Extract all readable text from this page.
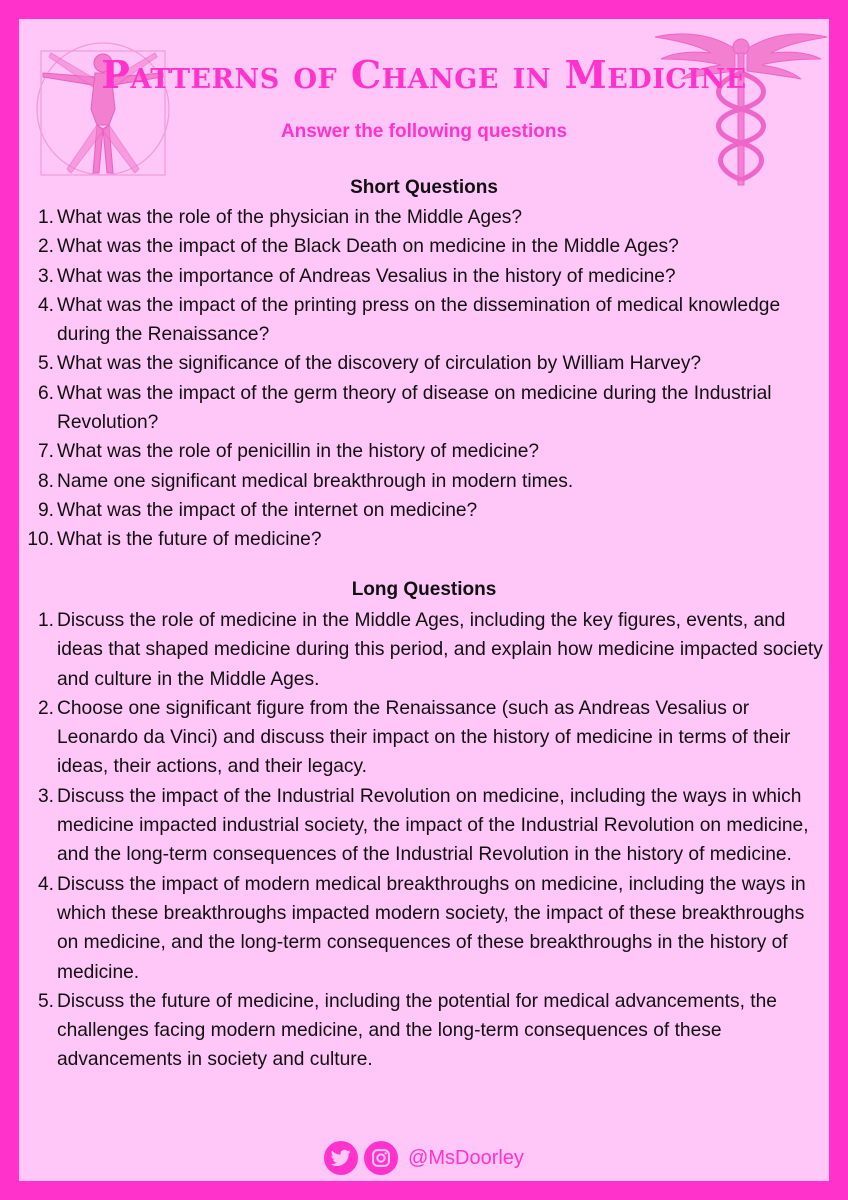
Patterns of Change in Medicine

Answer the following questions

Short Questions
1. What was the role of the physician in the Middle Ages?
2. What was the impact of the Black Death on medicine in the Middle Ages?
3. What was the importance of Andreas Vesalius in the history of medicine?
4. What was the impact of the printing press on the dissemination of medical knowledge during the Renaissance?
5. What was the significance of the discovery of circulation by William Harvey?
6. What was the impact of the germ theory of disease on medicine during the Industrial Revolution?
7. What was the role of penicillin in the history of medicine?
8. Name one significant medical breakthrough in modern times.
9. What was the impact of the internet on medicine?
10. What is the future of medicine?
Long Questions
1. Discuss the role of medicine in the Middle Ages, including the key figures, events, and ideas that shaped medicine during this period, and explain how medicine impacted society and culture in the Middle Ages.
2. Choose one significant figure from the Renaissance (such as Andreas Vesalius or Leonardo da Vinci) and discuss their impact on the history of medicine in terms of their ideas, their actions, and their legacy.
3. Discuss the impact of the Industrial Revolution on medicine, including the ways in which medicine impacted industrial society, the impact of the Industrial Revolution on medicine, and the long-term consequences of the Industrial Revolution in the history of medicine.
4. Discuss the impact of modern medical breakthroughs on medicine, including the ways in which these breakthroughs impacted modern society, the impact of these breakthroughs on medicine, and the long-term consequences of these breakthroughs in the history of medicine.
5. Discuss the future of medicine, including the potential for medical advancements, the challenges facing modern medicine, and the long-term consequences of these advancements in society and culture.
@MsDoorley
